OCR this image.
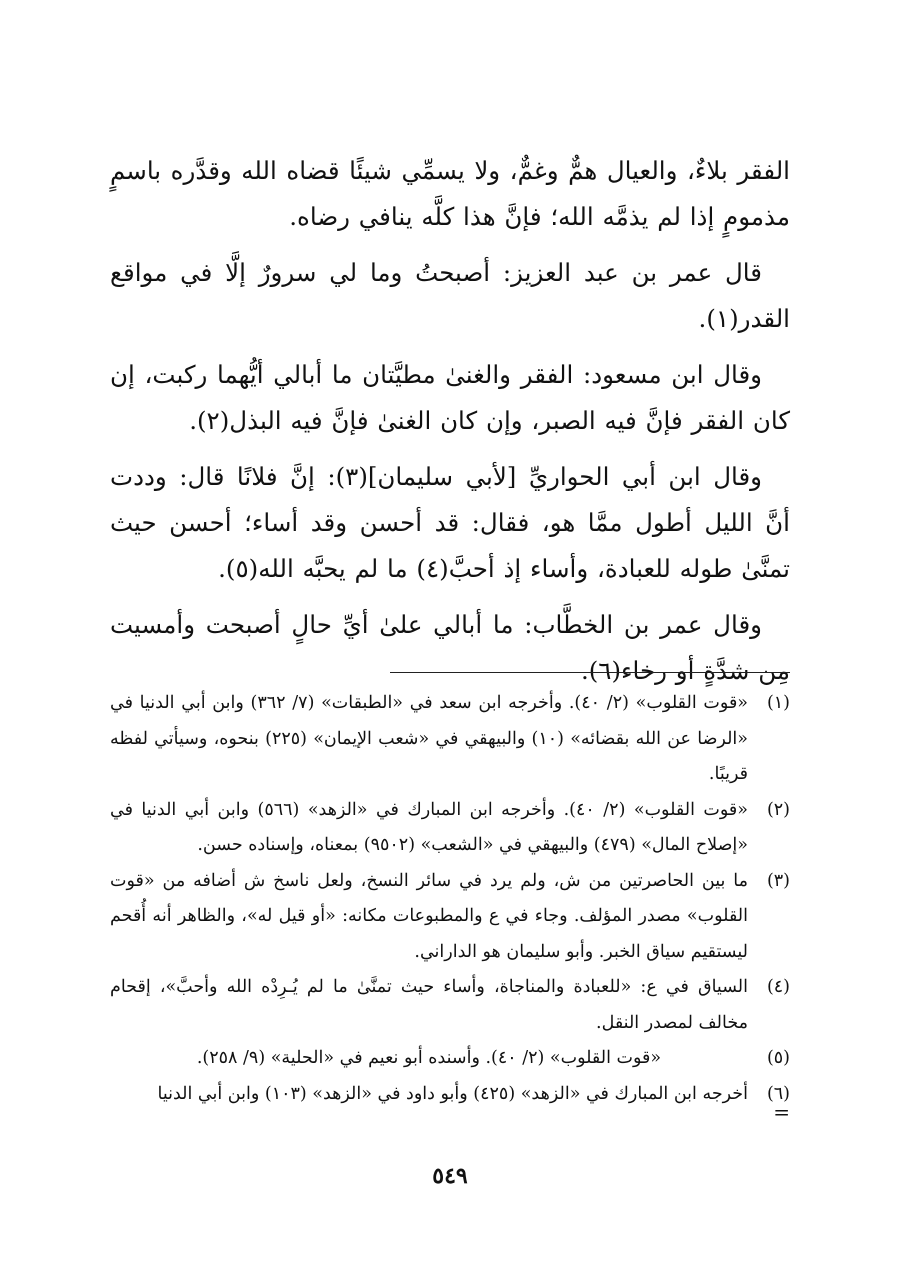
الفقر بلاءٌ، والعيال همٌّ وغمٌّ، ولا يسمِّي شيئًا قضاه الله وقدَّره باسمٍ مذمومٍ إذا لم يذمَّه الله؛ فإنَّ هذا كلَّه ينافي رضاه.

قال عمر بن عبد العزيز: أصبحتُ وما لي سرورٌ إلَّا في مواقع القدر(١).

وقال ابن مسعود: الفقر والغنىٰ مطيَّتان ما أبالي أيُّهما ركبت، إن كان الفقر فإنَّ فيه الصبر، وإن كان الغنىٰ فإنَّ فيه البذل(٢).

وقال ابن أبي الحواريِّ [لأبي سليمان](٣): إنَّ فلانًا قال: وددت أنَّ الليل أطول ممَّا هو، فقال: قد أحسن وقد أساء؛ أحسن حيث تمنَّىٰ طوله للعبادة، وأساء إذ أحبَّ(٤) ما لم يحبَّه الله(٥).

وقال عمر بن الخطَّاب: ما أبالي علىٰ أيِّ حالٍ أصبحت وأمسيت مِن شدَّةٍ أو رخاء(٦).

(١)
«قوت القلوب» (٢/ ٤٠). وأخرجه ابن سعد في «الطبقات» (٧/ ٣٦٢) وابن أبي الدنيا في «الرضا عن الله بقضائه» (١٠) والبيهقي في «شعب الإيمان» (٢٢٥) بنحوه، وسيأتي لفظه قريبًا.
(٢)
«قوت القلوب» (٢/ ٤٠). وأخرجه ابن المبارك في «الزهد» (٥٦٦) وابن أبي الدنيا في «إصلاح المال» (٤٧٩) والبيهقي في «الشعب» (٩٥٠٢) بمعناه، وإسناده حسن.
(٣)
ما بين الحاصرتين من ش، ولم يرد في سائر النسخ، ولعل ناسخ ش أضافه من «قوت القلوب» مصدر المؤلف. وجاء في ع والمطبوعات مكانه: «أو قيل له»، والظاهر أنه أُقحم ليستقيم سياق الخبر. وأبو سليمان هو الداراني.
(٤)
السياق في ع: «للعبادة والمناجاة، وأساء حيث تمنَّىٰ ما لم يُـرِدْه الله وأحبَّ»، إقحام مخالف لمصدر النقل.
(٥)
«قوت القلوب» (٢/ ٤٠). وأسنده أبو نعيم في «الحلية» (٩/ ٢٥٨).
(٦)
أخرجه ابن المبارك في «الزهد» (٤٢٥) وأبو داود في «الزهد» (١٠٣) وابن أبي الدنيا
=
٥٤٩
